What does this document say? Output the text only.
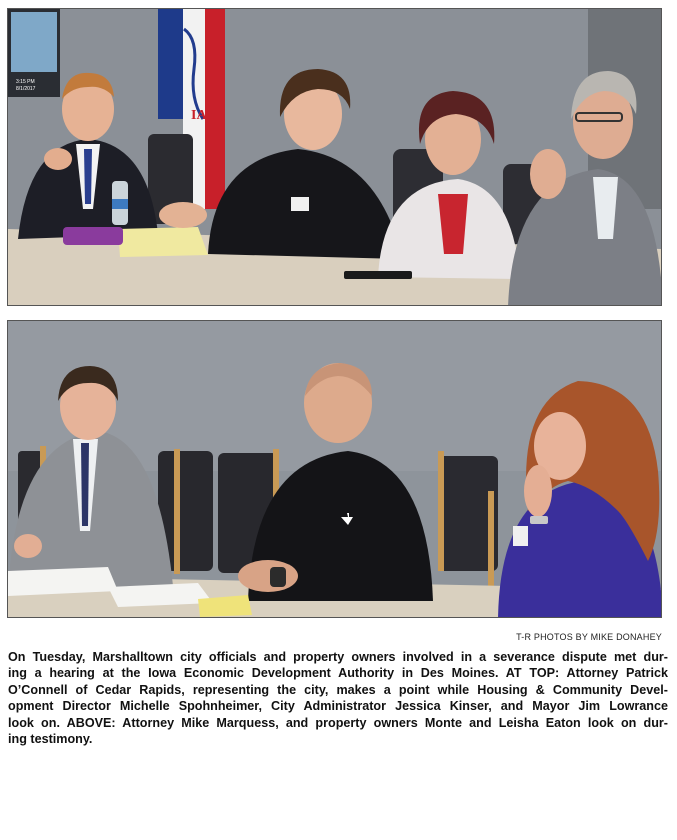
3:15 PM
8/1/2017
IA
T-R PHOTOS BY MIKE DONAHEY
On Tuesday, Marshalltown city officials and property owners involved in a severance dispute met dur-
ing a hearing at the Iowa Economic Development Authority in Des Moines. AT TOP: Attorney Patrick
O’Connell of Cedar Rapids, representing the city, makes a point while Housing & Community Devel-
opment Director Michelle Spohnheimer, City Administrator Jessica Kinser, and Mayor Jim Lowrance
look on. ABOVE: Attorney Mike Marquess, and property owners Monte and Leisha Eaton look on dur-
ing testimony.
